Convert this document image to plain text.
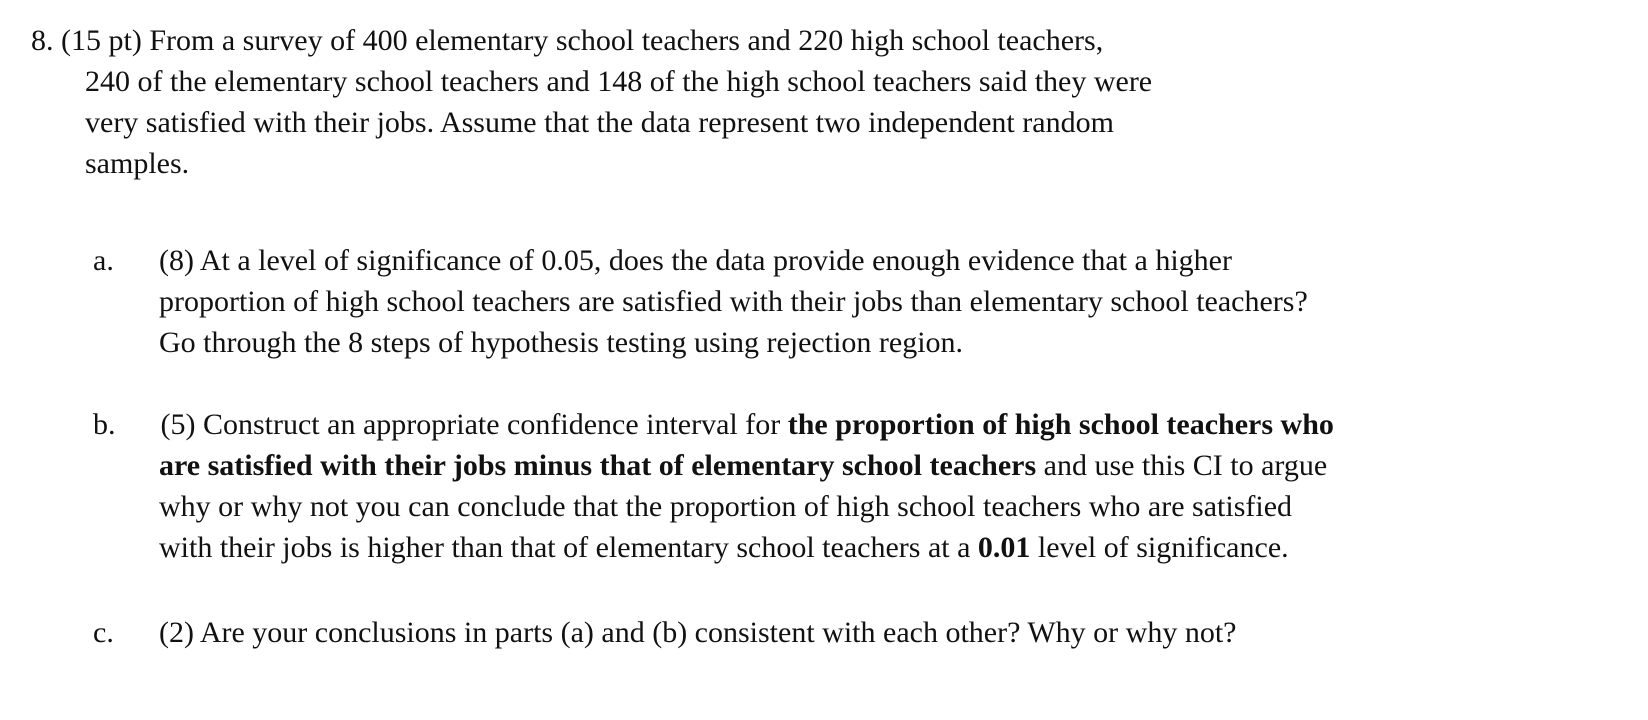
8. (15 pt) From a survey of 400 elementary school teachers and 220 high school teachers,
240 of the elementary school teachers and 148 of the high school teachers said they were
very satisfied with their jobs. Assume that the data represent two independent random
samples.
a.	(8) At a level of significance of 0.05, does the data provide enough evidence that a higher
proportion of high school teachers are satisfied with their jobs than elementary school teachers?
Go through the 8 steps of hypothesis testing using rejection region.
b.	(5) Construct an appropriate confidence interval for the proportion of high school teachers who
are satisfied with their jobs minus that of elementary school teachers and use this CI to argue
why or why not you can conclude that the proportion of high school teachers who are satisfied
with their jobs is higher than that of elementary school teachers at a 0.01 level of significance.
c.	(2) Are your conclusions in parts (a) and (b) consistent with each other? Why or why not?
